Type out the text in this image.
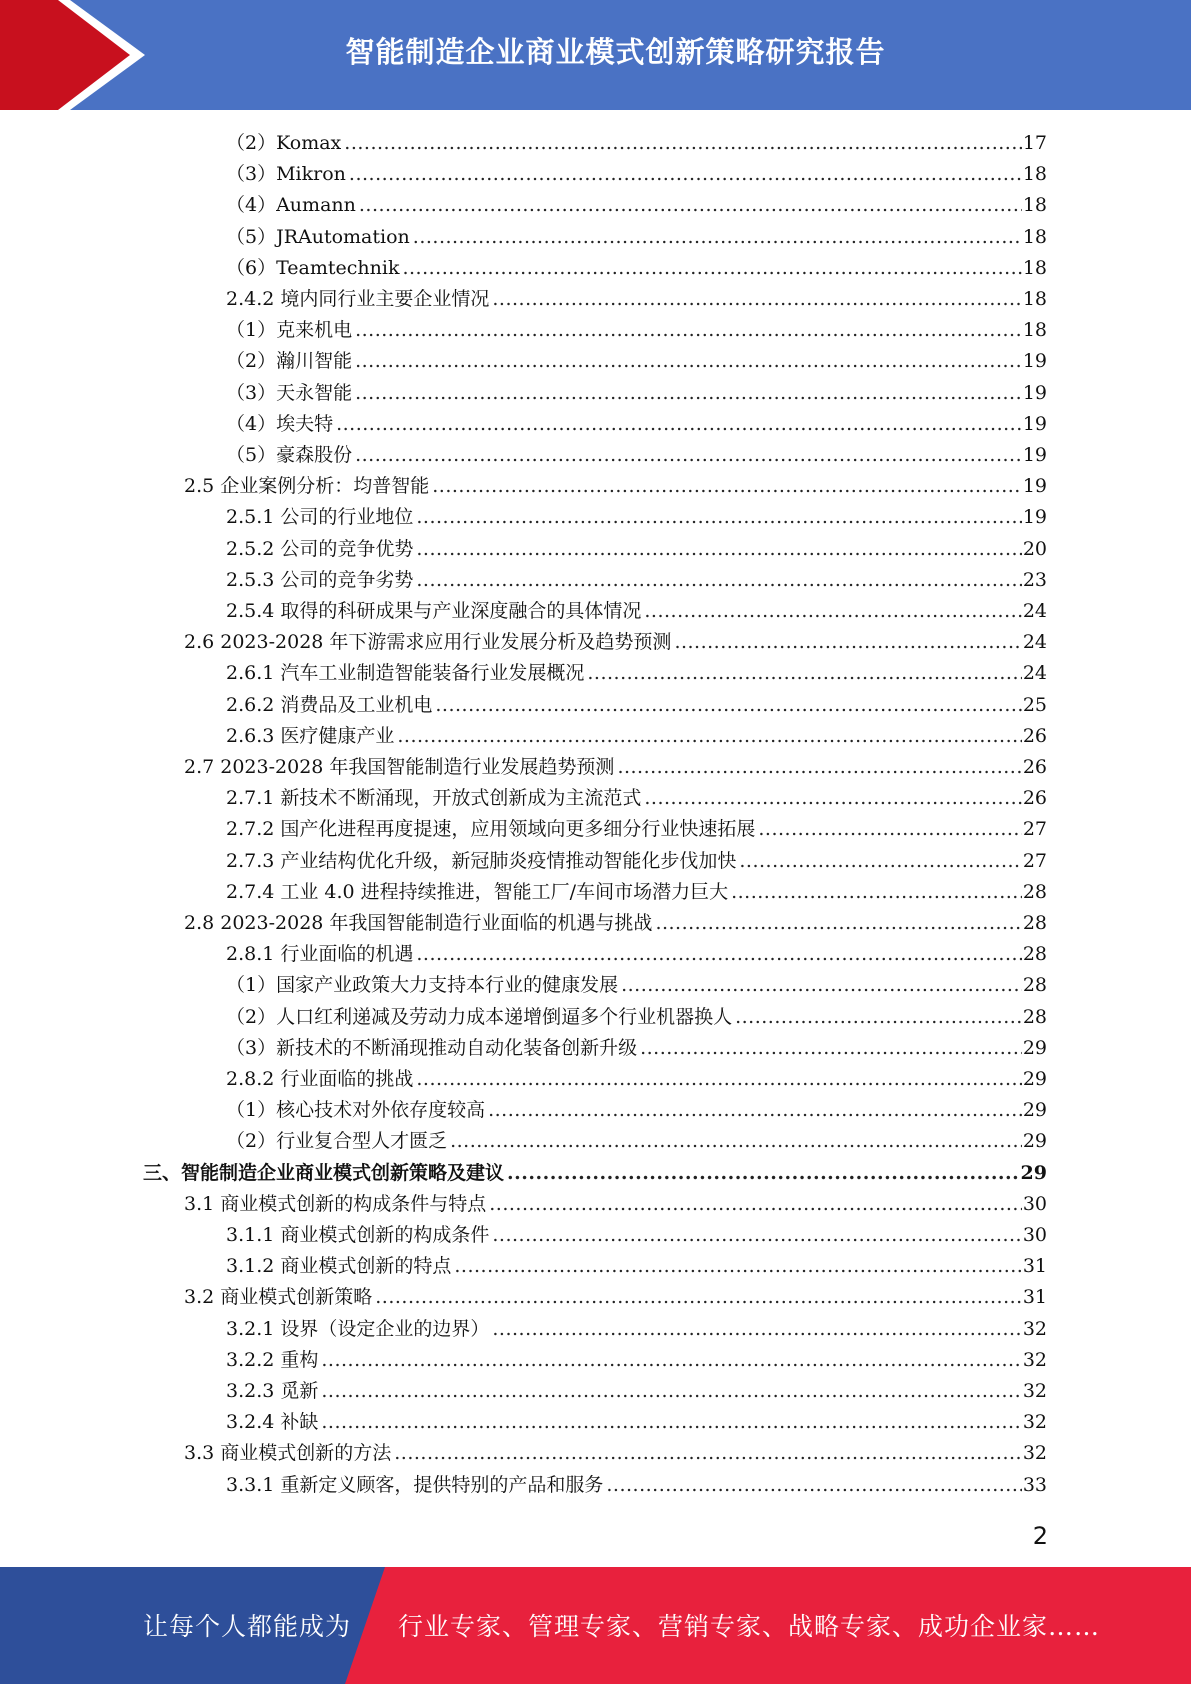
智能制造企业商业模式创新策略研究报告
（2）Komax .....	17
（3）Mikron .....	18
（4）Aumann .....	18
（5）JRAutomation .....	18
（6）Teamtechnik .....	18
2.4.2 境内同行业主要企业情况 .....	18
（1）克来机电 .....	18
（2）瀚川智能 .....	19
（3）天永智能 .....	19
（4）埃夫特 .....	19
（5）豪森股份 .....	19
2.5 企业案例分析：均普智能 .....	19
2.5.1 公司的行业地位 .....	19
2.5.2 公司的竞争优势 .....	20
2.5.3 公司的竞争劣势 .....	23
2.5.4 取得的科研成果与产业深度融合的具体情况 .....	24
2.6 2023-2028 年下游需求应用行业发展分析及趋势预测 .....	24
2.6.1 汽车工业制造智能装备行业发展概况 .....	24
2.6.2 消费品及工业机电 .....	25
2.6.3 医疗健康产业 .....	26
2.7 2023-2028 年我国智能制造行业发展趋势预测 .....	26
2.7.1 新技术不断涌现，开放式创新成为主流范式 .....	26
2.7.2 国产化进程再度提速，应用领域向更多细分行业快速拓展 .....	27
2.7.3 产业结构优化升级，新冠肺炎疫情推动智能化步伐加快 .....	27
2.7.4 工业 4.0 进程持续推进，智能工厂/车间市场潜力巨大 .....	28
2.8 2023-2028 年我国智能制造行业面临的机遇与挑战 .....	28
2.8.1 行业面临的机遇 .....	28
（1）国家产业政策大力支持本行业的健康发展 .....	28
（2）人口红利递减及劳动力成本递增倒逼多个行业机器换人 .....	28
（3）新技术的不断涌现推动自动化装备创新升级 .....	29
2.8.2 行业面临的挑战 .....	29
（1）核心技术对外依存度较高 .....	29
（2）行业复合型人才匮乏 .....	29
三、智能制造企业商业模式创新策略及建议 .....	29
3.1 商业模式创新的构成条件与特点 .....	30
3.1.1 商业模式创新的构成条件 .....	30
3.1.2 商业模式创新的特点 .....	31
3.2 商业模式创新策略 .....	31
3.2.1 设界（设定企业的边界） .....	32
3.2.2 重构 .....	32
3.2.3 觅新 .....	32
3.2.4 补缺 .....	32
3.3 商业模式创新的方法 .....	32
3.3.1 重新定义顾客，提供特别的产品和服务 .....	33
2
让每个人都能成为 行业专家、管理专家、营销专家、战略专家、成功企业家……
